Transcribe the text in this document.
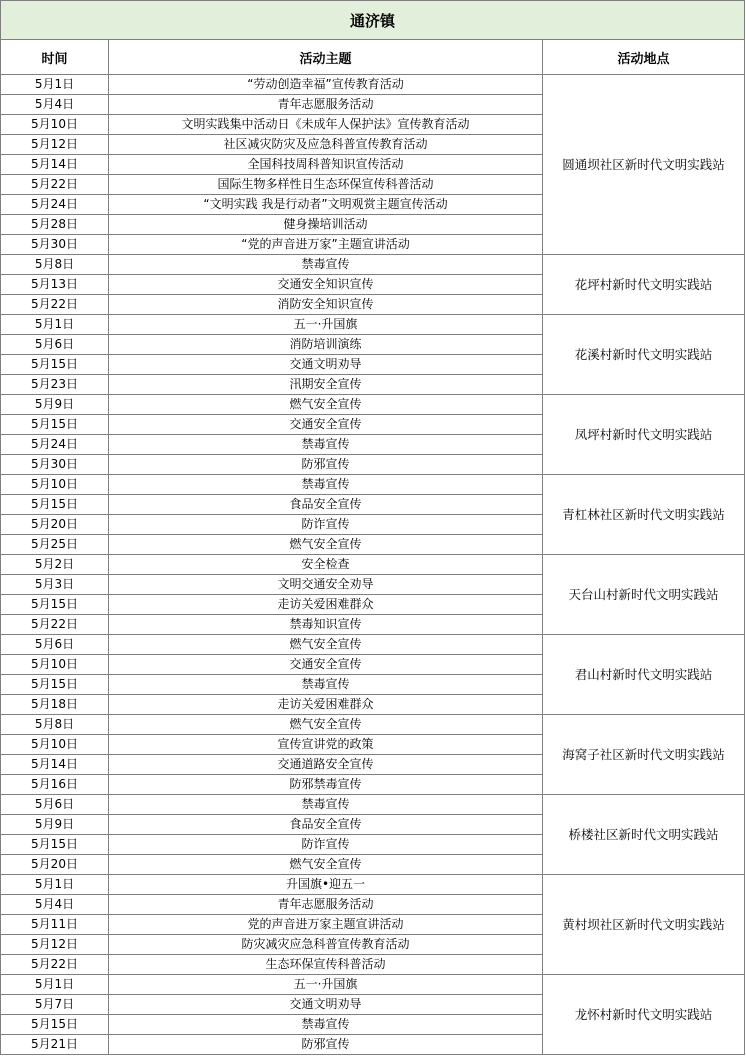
通济镇		
时间	活动主题	活动地点
5月1日	“劳动创造幸福”宣传教育活动	圆通坝社区新时代文明实践站
5月4日	青年志愿服务活动	
5月10日	文明实践集中活动日《未成年人保护法》宣传教育活动	
5月12日	社区减灾防灾及应急科普宣传教育活动	
5月14日	全国科技周科普知识宣传活动	
5月22日	国际生物多样性日生态环保宣传科普活动	
5月24日	“文明实践 我是行动者”文明观赏主题宣传活动	
5月28日	健身操培训活动	
5月30日	“党的声音进万家”主题宣讲活动	
5月8日	禁毒宣传	花坪村新时代文明实践站
5月13日	交通安全知识宣传	
5月22日	消防安全知识宣传	
5月1日	五一·升国旗	花溪村新时代文明实践站
5月6日	消防培训演练	
5月15日	交通文明劝导	
5月23日	汛期安全宣传	
5月9日	燃气安全宣传	凤坪村新时代文明实践站
5月15日	交通安全宣传	
5月24日	禁毒宣传	
5月30日	防邪宣传	
5月10日	禁毒宣传	青杠林社区新时代文明实践站
5月15日	食品安全宣传	
5月20日	防诈宣传	
5月25日	燃气安全宣传	
5月2日	安全检查	天台山村新时代文明实践站
5月3日	文明交通安全劝导	
5月15日	走访关爱困难群众	
5月22日	禁毒知识宣传	
5月6日	燃气安全宣传	君山村新时代文明实践站
5月10日	交通安全宣传	
5月15日	禁毒宣传	
5月18日	走访关爱困难群众	
5月8日	燃气安全宣传	海窝子社区新时代文明实践站
5月10日	宣传宣讲党的政策	
5月14日	交通道路安全宣传	
5月16日	防邪禁毒宣传	
5月6日	禁毒宣传	桥楼社区新时代文明实践站
5月9日	食品安全宣传	
5月15日	防诈宣传	
5月20日	燃气安全宣传	
5月1日	升国旗•迎五一	黄村坝社区新时代文明实践站
5月4日	青年志愿服务活动	
5月11日	党的声音进万家主题宣讲活动	
5月12日	防灾减灾应急科普宣传教育活动	
5月22日	生态环保宣传科普活动	
5月1日	五一·升国旗	龙怀村新时代文明实践站
5月7日	交通文明劝导	
5月15日	禁毒宣传	
5月21日	防邪宣传	
